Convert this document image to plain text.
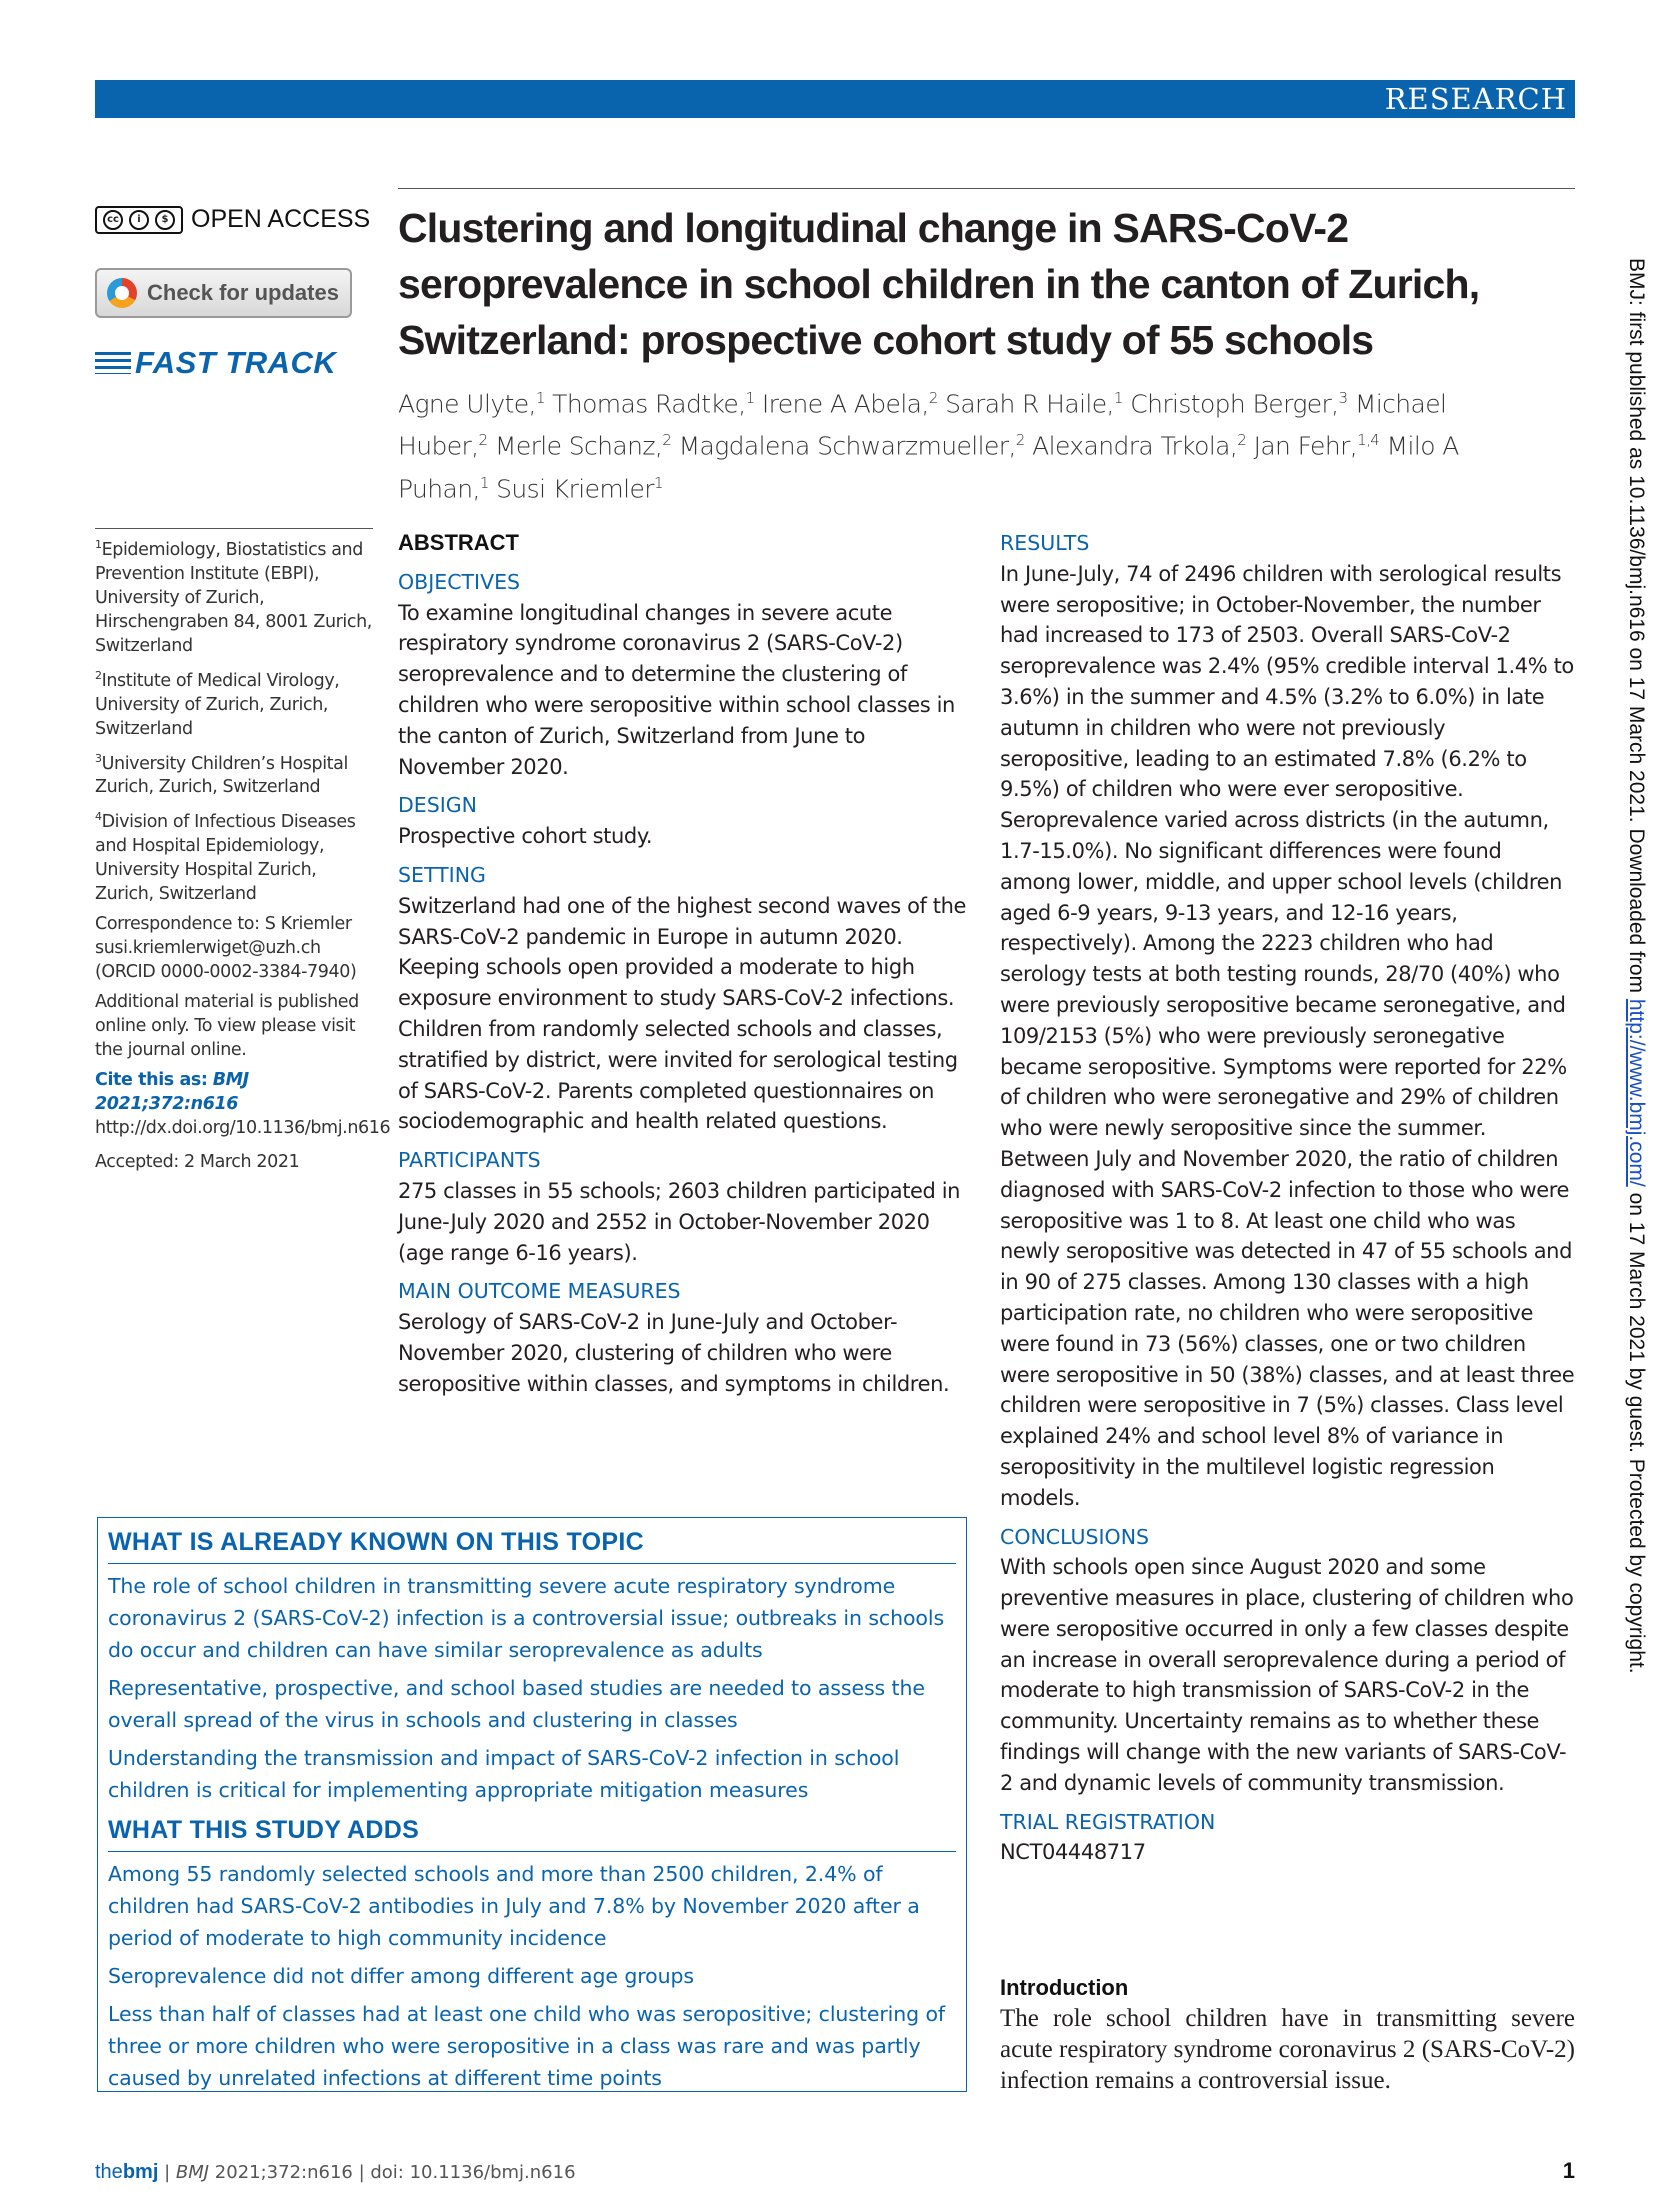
RESEARCH
BMJ: first published as 10.1136/bmj.n616 on 17 March 2021. Downloaded from http://www.bmj.com/ on 17 March 2021 by guest. Protected by copyright.
cc	i	$ OPEN ACCESS
Check for updates
FAST TRACK
Clustering and longitudinal change in SARS-CoV-2 seroprevalence in school children in the canton of Zurich, Switzerland: prospective cohort study of 55 schools
Agne Ulyte,$^1$ Thomas Radtke,$^1$ Irene A Abela,$^2$ Sarah R Haile,$^1$ Christoph Berger,$^3$ Michael Huber,$^2$ Merle Schanz,$^2$ Magdalena Schwarzmueller,$^2$ Alexandra Trkola,$^2$ Jan Fehr,$^{1,4}$ Milo A Puhan,$^1$ Susi Kriemler$^1$

$^1$Epidemiology, Biostatistics and Prevention Institute (EBPI), University of Zurich, Hirschengraben 84, 8001 Zurich, Switzerland

$^2$Institute of Medical Virology, University of Zurich, Zurich, Switzerland

$^3$University Children’s Hospital Zurich, Zurich, Switzerland

$^4$Division of Infectious Diseases and Hospital Epidemiology, University Hospital Zurich, Zurich, Switzerland

Correspondence to: S Kriemler
susi.kriemlerwiget@uzh.ch
(ORCID 0000-0002-3384-7940)

Additional material is published online only. To view please visit the journal online.

Cite this as: BMJ 2021;372:n616
http://dx.doi.org/10.1136/bmj.n616

Accepted: 2 March 2021

ABSTRACT
OBJECTIVES

To examine longitudinal changes in severe acute respiratory syndrome coronavirus 2 (SARS-CoV-2) seroprevalence and to determine the clustering of children who were seropositive within school classes in the canton of Zurich, Switzerland from June to November 2020.

DESIGN

Prospective cohort study.

SETTING

Switzerland had one of the highest second waves of the SARS-CoV-2 pandemic in Europe in autumn 2020. Keeping schools open provided a moderate to high exposure environment to study SARS-CoV-2 infections. Children from randomly selected schools and classes, stratified by district, were invited for serological testing of SARS-CoV-2. Parents completed questionnaires on sociodemographic and health related questions.

PARTICIPANTS

275 classes in 55 schools; 2603 children participated in June-July 2020 and 2552 in October-November 2020 (age range 6-16 years).

MAIN OUTCOME MEASURES

Serology of SARS-CoV-2 in June-July and October-November 2020, clustering of children who were seropositive within classes, and symptoms in children.

RESULTS

In June-July, 74 of 2496 children with serological results were seropositive; in October-November, the number had increased to 173 of 2503. Overall SARS-CoV-2 seroprevalence was 2.4% (95% credible interval 1.4% to 3.6%) in the summer and 4.5% (3.2% to 6.0%) in late autumn in children who were not previously seropositive, leading to an estimated 7.8% (6.2% to 9.5%) of children who were ever seropositive. Seroprevalence varied across districts (in the autumn, 1.7-15.0%). No significant differences were found among lower, middle, and upper school levels (children aged 6-9 years, 9-13 years, and 12-16 years, respectively). Among the 2223 children who had serology tests at both testing rounds, 28/70 (40%) who were previously seropositive became seronegative, and 109/2153 (5%) who were previously seronegative became seropositive. Symptoms were reported for 22% of children who were seronegative and 29% of children who were newly seropositive since the summer. Between July and November 2020, the ratio of children diagnosed with SARS-CoV-2 infection to those who were seropositive was 1 to 8. At least one child who was newly seropositive was detected in 47 of 55 schools and in 90 of 275 classes. Among 130 classes with a high participation rate, no children who were seropositive were found in 73 (56%) classes, one or two children were seropositive in 50 (38%) classes, and at least three children were seropositive in 7 (5%) classes. Class level explained 24% and school level 8% of variance in seropositivity in the multilevel logistic regression models.

CONCLUSIONS

With schools open since August 2020 and some preventive measures in place, clustering of children who were seropositive occurred in only a few classes despite an increase in overall seroprevalence during a period of moderate to high transmission of SARS-CoV-2 in the community. Uncertainty remains as to whether these findings will change with the new variants of SARS-CoV-2 and dynamic levels of community transmission.

TRIAL REGISTRATION

NCT04448717

WHAT IS ALREADY KNOWN ON THIS TOPIC

The role of school children in transmitting severe acute respiratory syndrome coronavirus 2 (SARS-CoV-2) infection is a controversial issue; outbreaks in schools do occur and children can have similar seroprevalence as adults

Representative, prospective, and school based studies are needed to assess the overall spread of the virus in schools and clustering in classes

Understanding the transmission and impact of SARS-CoV-2 infection in school children is critical for implementing appropriate mitigation measures

WHAT THIS STUDY ADDS

Among 55 randomly selected schools and more than 2500 children, 2.4% of children had SARS-CoV-2 antibodies in July and 7.8% by November 2020 after a period of moderate to high community incidence

Seroprevalence did not differ among different age groups

Less than half of classes had at least one child who was seropositive; clustering of three or more children who were seropositive in a class was rare and was partly caused by unrelated infections at different time points

Introduction

The role school children have in transmitting severe acute respiratory syndrome coronavirus 2 (SARS-CoV-2) infection remains a controversial issue.

thebmj | BMJ 2021;372:n616 | doi: 10.1136/bmj.n616	1
